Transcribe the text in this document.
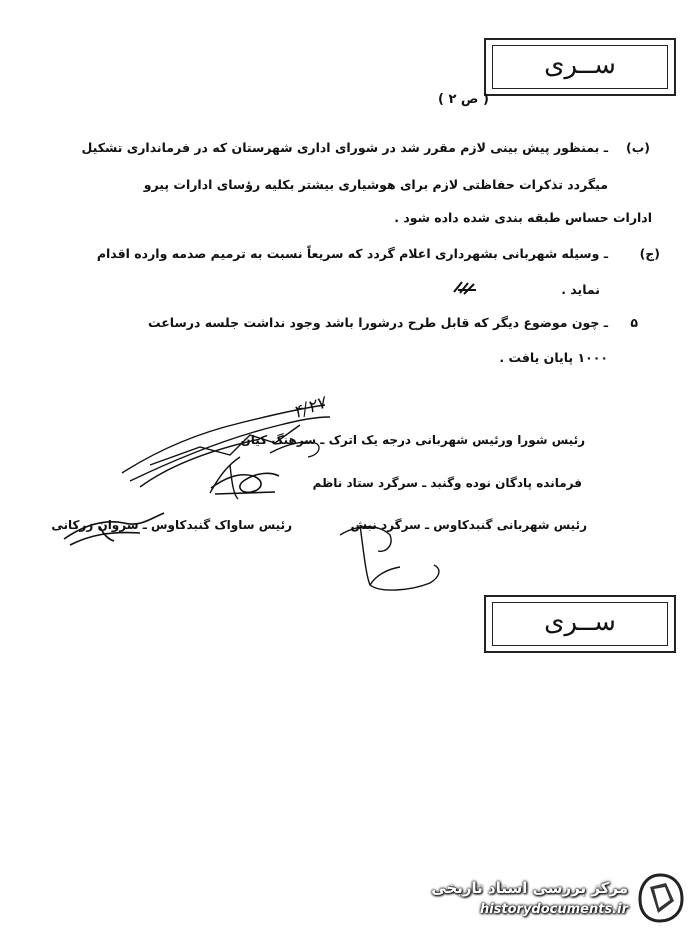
ســری
( ص ۲ )
(ب)
ـ بمنظور پیش بینی لازم مقرر شد در شورای اداری شهرستان که در فرمانداری تشکیل
میگردد تذکرات حفاظتی لازم برای هوشیاری بیشتر بکلیه رؤسای ادارات پیرو
ادارات حساس طبقه بندی شده داده شود .
(ج)
ـ وسیله شهربانی بشهرداری اعلام گردد که سریعاً نسبت به ترمیم صدمه وارده اقدام
نماید .
۵
ـ چون موضوع دیگر که قابل طرح درشورا باشد وجود نداشت جلسه درساعت
۱۰۰۰ پایان یافت .
رئیس شورا ورئیس شهربانی درجه یک اترک ـ سرهنگ کیان
فرمانده پادگان نوده وگنبد ـ سرگرد ستاد ناظم
رئیس شهربانی گنبدکاوس ـ سرگرد نبش
رئیس ساواک گنبدکاوس ـ سروان زرکانی
۴/۲۷
ســری
مرکز بررسی اسناد تاریخی
historydocuments.ir
